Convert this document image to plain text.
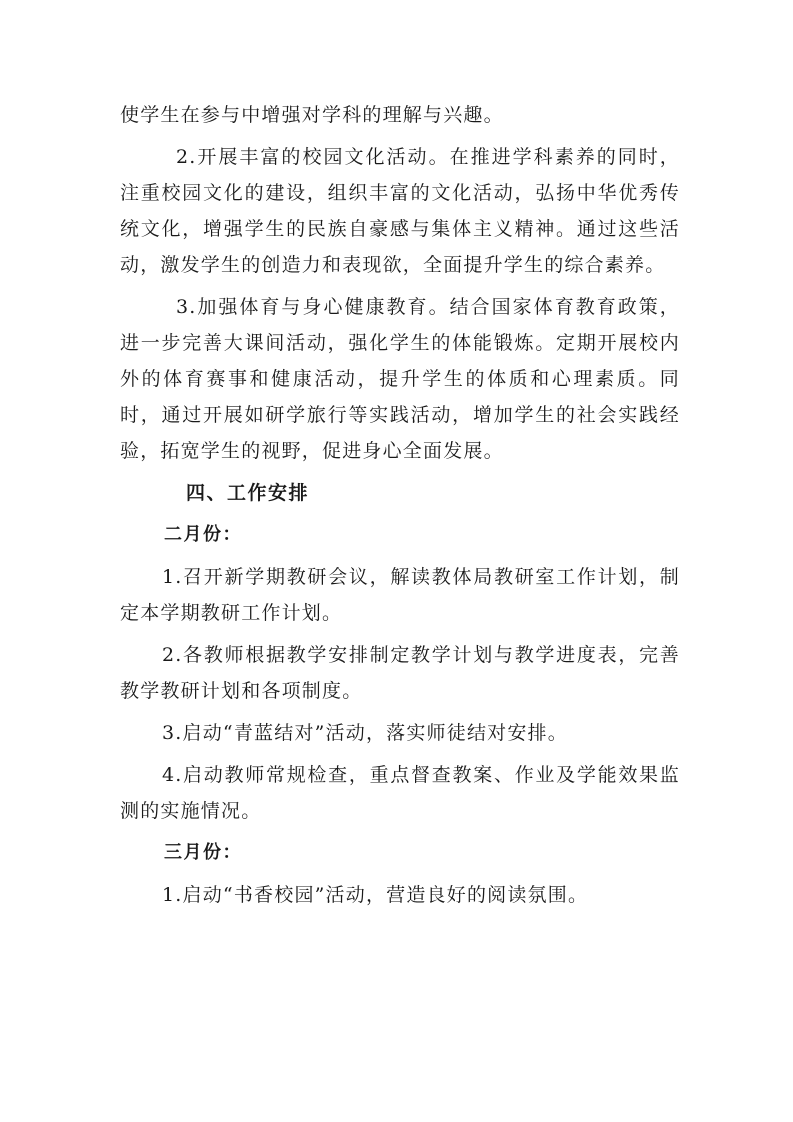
使学生在参与中增强对学科的理解与兴趣。

2.开展丰富的校园文化活动。在推进学科素养的同时，注重校园文化的建设，组织丰富的文化活动，弘扬中华优秀传统文化，增强学生的民族自豪感与集体主义精神。通过这些活动，激发学生的创造力和表现欲，全面提升学生的综合素养。

3.加强体育与身心健康教育。结合国家体育教育政策，进一步完善大课间活动，强化学生的体能锻炼。定期开展校内外的体育赛事和健康活动，提升学生的体质和心理素质。同时，通过开展如研学旅行等实践活动，增加学生的社会实践经验，拓宽学生的视野，促进身心全面发展。

四、工作安排

二月份：

1.召开新学期教研会议，解读教体局教研室工作计划，制定本学期教研工作计划。

2.各教师根据教学安排制定教学计划与教学进度表，完善教学教研计划和各项制度。

3.启动“青蓝结对”活动，落实师徒结对安排。

4.启动教师常规检查，重点督查教案、作业及学能效果监测的实施情况。

三月份：

1.启动“书香校园”活动，营造良好的阅读氛围。
